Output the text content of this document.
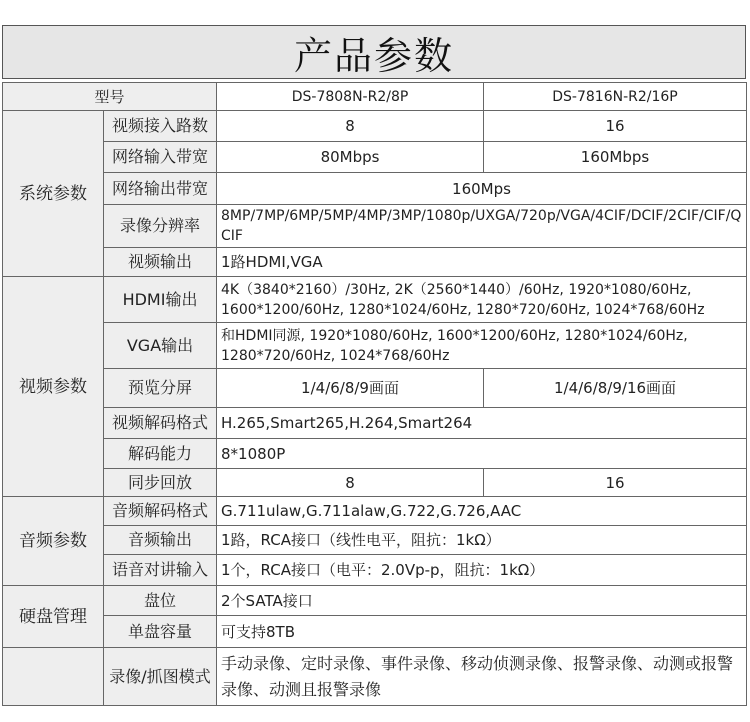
产品参数
型号		DS-7808N-R2/8P	DS-7816N-R2/16P
系统参数	视频接入路数	8	16
	网络输入带宽	80Mbps	160Mbps
	网络输出带宽	160Mps	
	录像分辨率	8MP/7MP/6MP/5MP/4MP/3MP/1080p/UXGA/720p/VGA/4CIF/DCIF/2CIF/CIF/QCIF	
	视频输出	1路HDMI,VGA	
视频参数	HDMI输出	4K（3840*2160）/30Hz, 2K（2560*1440）/60Hz, 1920*1080/60Hz, 1600*1200/60Hz, 1280*1024/60Hz, 1280*720/60Hz, 1024*768/60Hz	
	VGA输出	和HDMI同源, 1920*1080/60Hz, 1600*1200/60Hz, 1280*1024/60Hz, 1280*720/60Hz, 1024*768/60Hz	
	预览分屏	1/4/6/8/9画面	1/4/6/8/9/16画面
	视频解码格式	H.265,Smart265,H.264,Smart264	
	解码能力	8*1080P	
	同步回放	8	16
音频参数	音频解码格式	G.711ulaw,G.711alaw,G.722,G.726,AAC	
	音频输出	1路，RCA接口（线性电平，阻抗：1kΩ）	
	语音对讲输入	1个，RCA接口（电平：2.0Vp-p，阻抗：1kΩ）	
硬盘管理	盘位	2个SATA接口	
	单盘容量	可支持8TB	
	录像/抓图模式	手动录像、定时录像、事件录像、移动侦测录像、报警录像、动测或报警录像、动测且报警录像	
